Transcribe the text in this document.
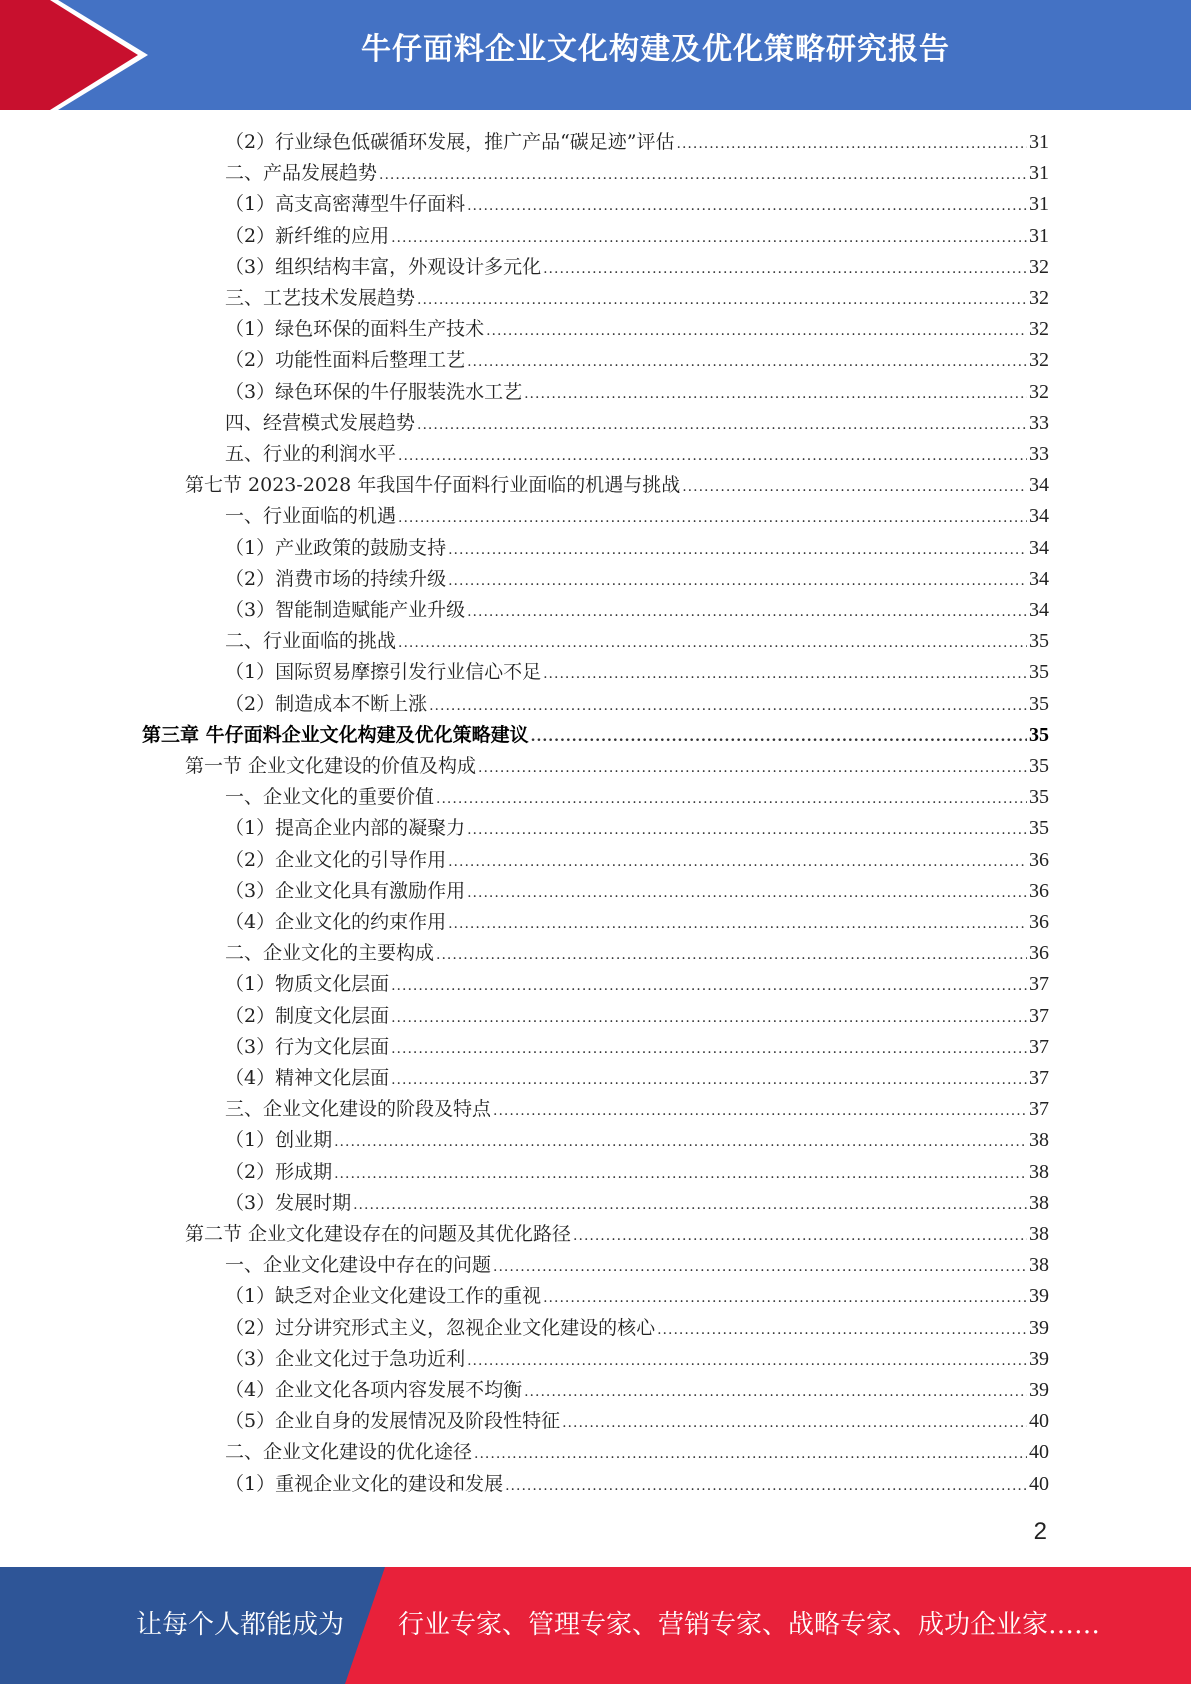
牛仔面料企业文化构建及优化策略研究报告
（2）行业绿色低碳循环发展，推广产品“碳足迹”评估 .....	31
二、产品发展趋势 .....	31
（1）高支高密薄型牛仔面料 .....	31
（2）新纤维的应用 .....	31
（3）组织结构丰富，外观设计多元化 .....	32
三、工艺技术发展趋势 .....	32
（1）绿色环保的面料生产技术 .....	32
（2）功能性面料后整理工艺 .....	32
（3）绿色环保的牛仔服装洗水工艺 .....	32
四、经营模式发展趋势 .....	33
五、行业的利润水平 .....	33
第七节 2023-2028 年我国牛仔面料行业面临的机遇与挑战 .....	34
一、行业面临的机遇 .....	34
（1）产业政策的鼓励支持 .....	34
（2）消费市场的持续升级 .....	34
（3）智能制造赋能产业升级 .....	34
二、行业面临的挑战 .....	35
（1）国际贸易摩擦引发行业信心不足 .....	35
（2）制造成本不断上涨 .....	35
第三章 牛仔面料企业文化构建及优化策略建议 .....	35
第一节 企业文化建设的价值及构成 .....	35
一、企业文化的重要价值 .....	35
（1）提高企业内部的凝聚力 .....	35
（2）企业文化的引导作用 .....	36
（3）企业文化具有激励作用 .....	36
（4）企业文化的约束作用 .....	36
二、企业文化的主要构成 .....	36
（1）物质文化层面 .....	37
（2）制度文化层面 .....	37
（3）行为文化层面 .....	37
（4）精神文化层面 .....	37
三、企业文化建设的阶段及特点 .....	37
（1）创业期 .....	38
（2）形成期 .....	38
（3）发展时期 .....	38
第二节 企业文化建设存在的问题及其优化路径 .....	38
一、企业文化建设中存在的问题 .....	38
（1）缺乏对企业文化建设工作的重视 .....	39
（2）过分讲究形式主义，忽视企业文化建设的核心 .....	39
（3）企业文化过于急功近利 .....	39
（4）企业文化各项内容发展不均衡 .....	39
（5）企业自身的发展情况及阶段性特征 .....	40
二、企业文化建设的优化途径 .....	40
（1）重视企业文化的建设和发展 .....	40
2
让每个人都能成为	行业专家、管理专家、营销专家、战略专家、成功企业家……
